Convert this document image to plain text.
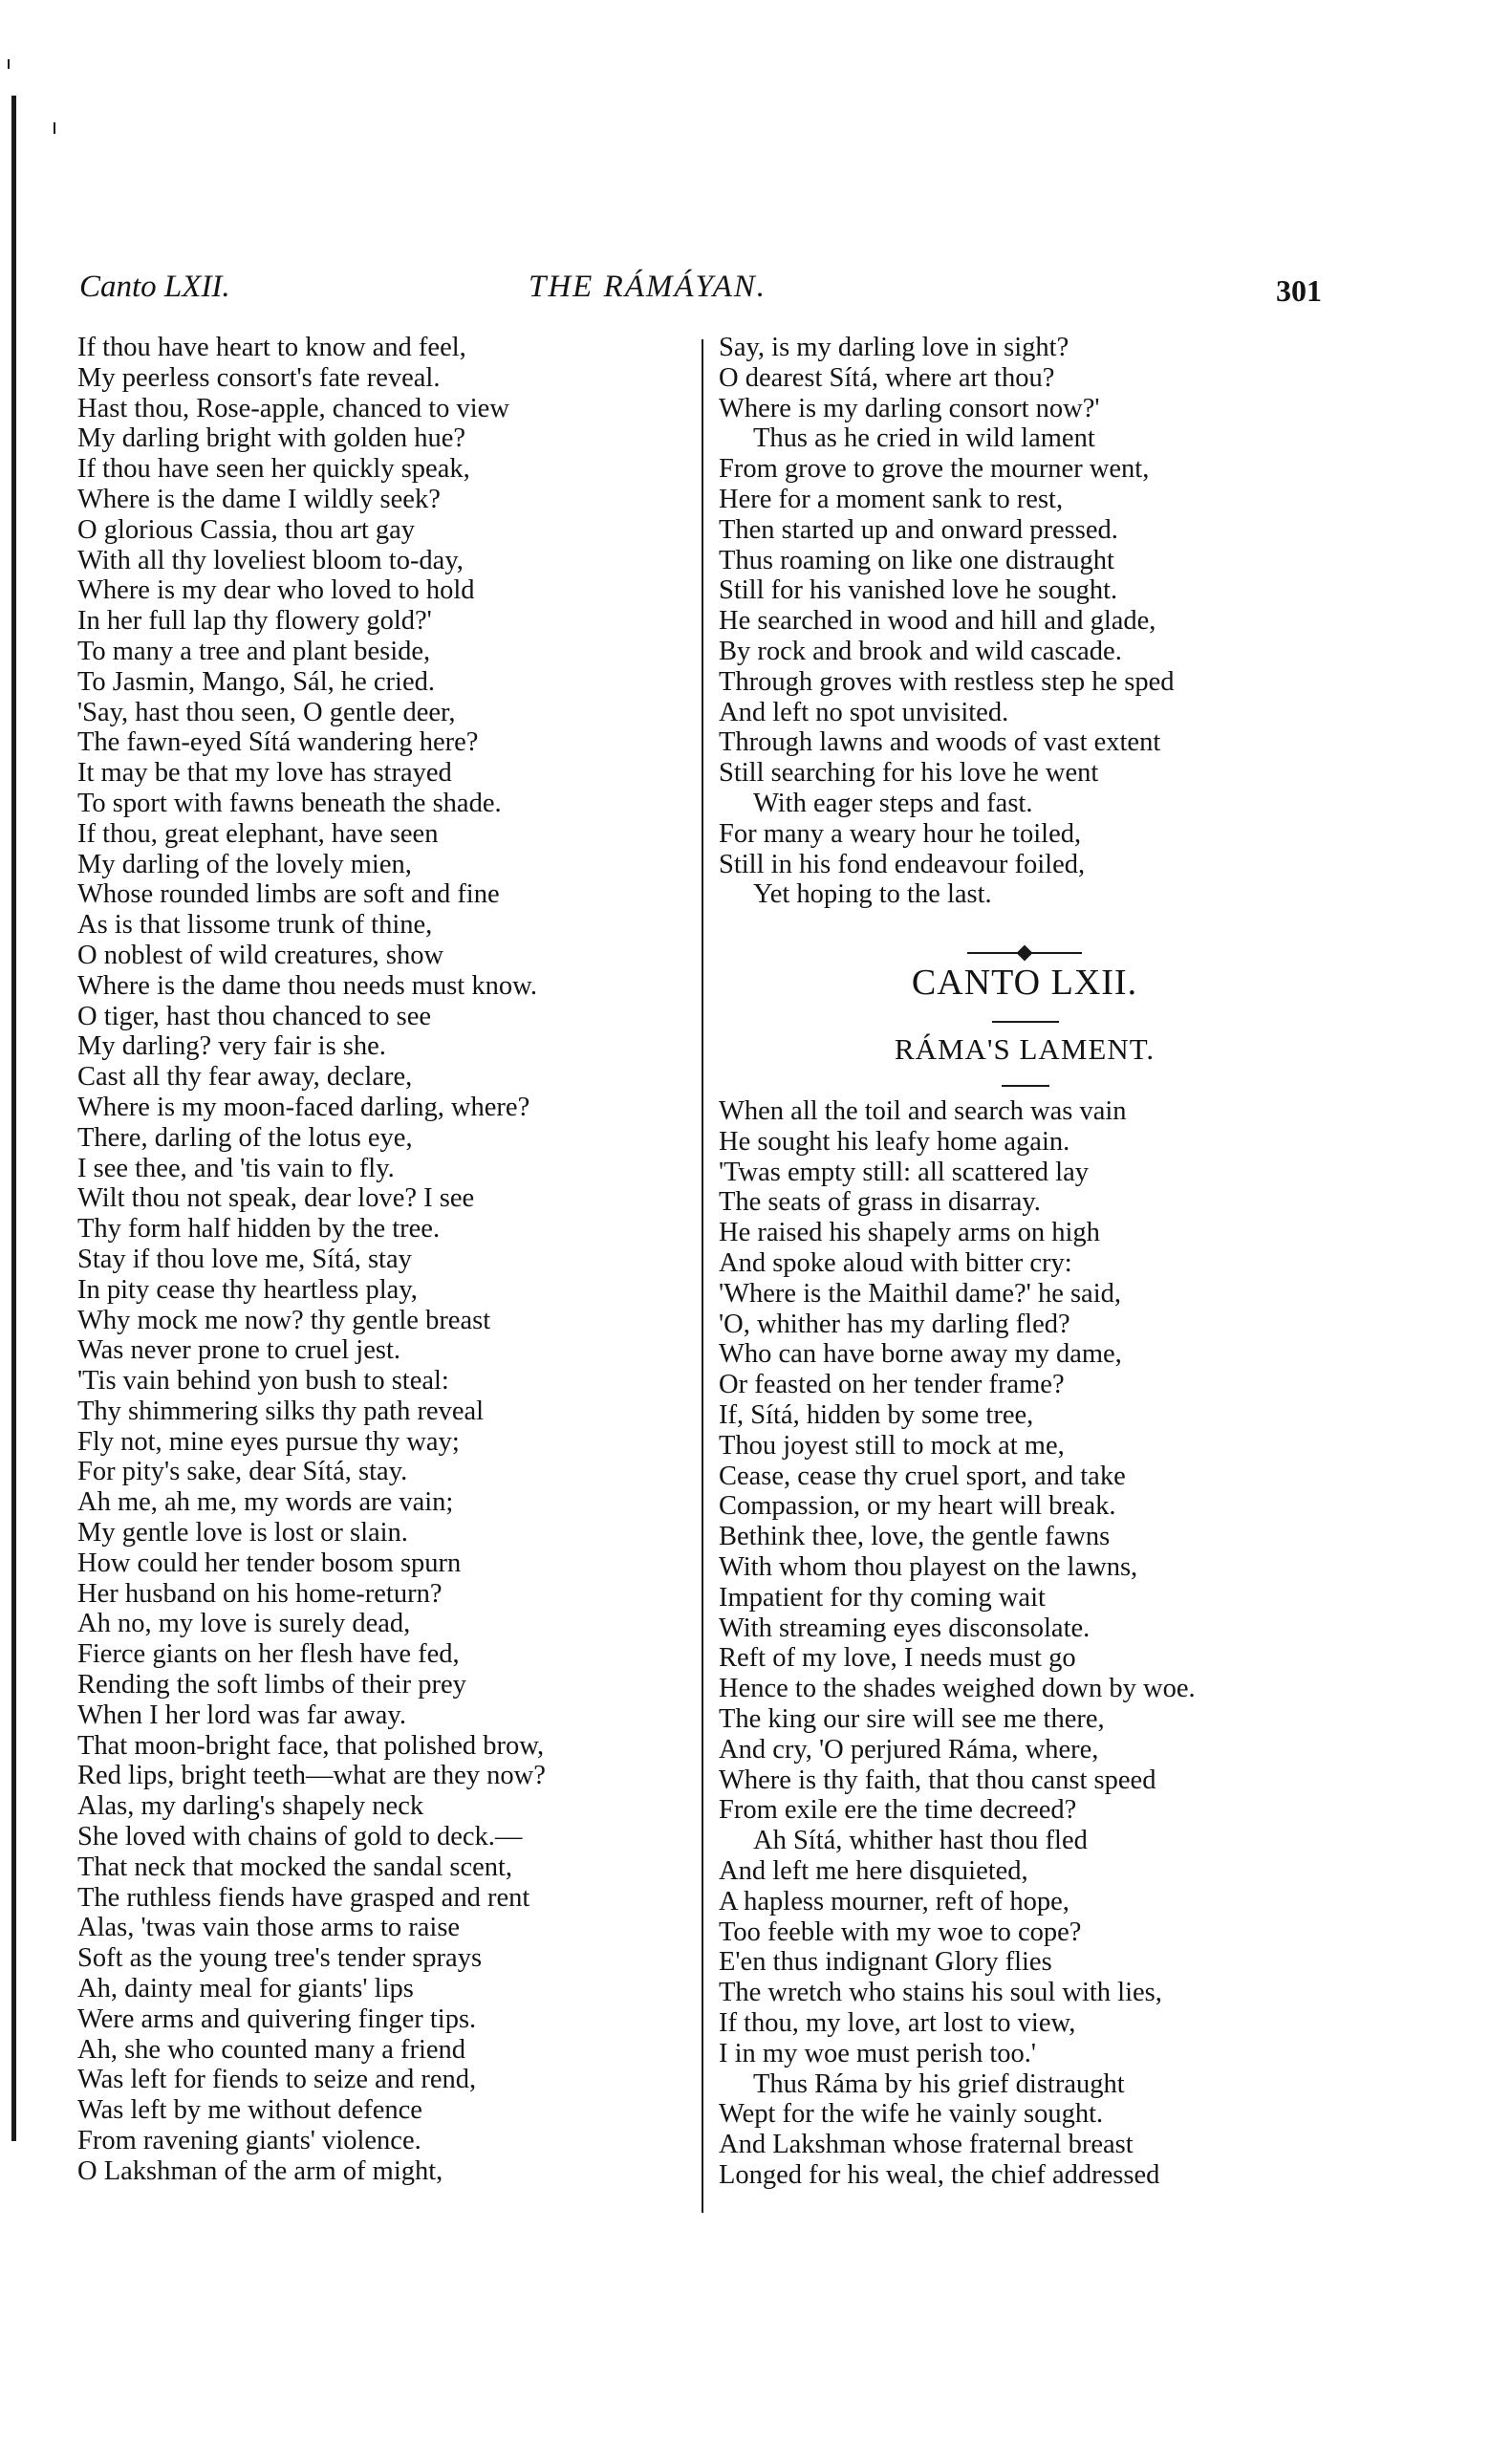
Canto LXII.	THE RÁMÁYAN.	301
If thou have heart to know and feel,
My peerless consort's fate reveal.
Hast thou, Rose-apple, chanced to view
My darling bright with golden hue?
If thou have seen her quickly speak,
Where is the dame I wildly seek?
O glorious Cassia, thou art gay
With all thy loveliest bloom to-day,
Where is my dear who loved to hold
In her full lap thy flowery gold?'
To many a tree and plant beside,
To Jasmin, Mango, Sál, he cried.
'Say, hast thou seen, O gentle deer,
The fawn-eyed Sítá wandering here?
It may be that my love has strayed
To sport with fawns beneath the shade.
If thou, great elephant, have seen
My darling of the lovely mien,
Whose rounded limbs are soft and fine
As is that lissome trunk of thine,
O noblest of wild creatures, show
Where is the dame thou needs must know.
O tiger, hast thou chanced to see
My darling? very fair is she.
Cast all thy fear away, declare,
Where is my moon-faced darling, where?
There, darling of the lotus eye,
I see thee, and 'tis vain to fly.
Wilt thou not speak, dear love? I see
Thy form half hidden by the tree.
Stay if thou love me, Sítá, stay
In pity cease thy heartless play,
Why mock me now? thy gentle breast
Was never prone to cruel jest.
'Tis vain behind yon bush to steal:
Thy shimmering silks thy path reveal
Fly not, mine eyes pursue thy way;
For pity's sake, dear Sítá, stay.
Ah me, ah me, my words are vain;
My gentle love is lost or slain.
How could her tender bosom spurn
Her husband on his home-return?
Ah no, my love is surely dead,
Fierce giants on her flesh have fed,
Rending the soft limbs of their prey
When I her lord was far away.
That moon-bright face, that polished brow,
Red lips, bright teeth—what are they now?
Alas, my darling's shapely neck
She loved with chains of gold to deck.—
That neck that mocked the sandal scent,
The ruthless fiends have grasped and rent
Alas, 'twas vain those arms to raise
Soft as the young tree's tender sprays
Ah, dainty meal for giants' lips
Were arms and quivering finger tips.
Ah, she who counted many a friend
Was left for fiends to seize and rend,
Was left by me without defence
From ravening giants' violence.
O Lakshman of the arm of might,
Say, is my darling love in sight?
O dearest Sítá, where art thou?
Where is my darling consort now?'
Thus as he cried in wild lament
From grove to grove the mourner went,
Here for a moment sank to rest,
Then started up and onward pressed.
Thus roaming on like one distraught
Still for his vanished love he sought.
He searched in wood and hill and glade,
By rock and brook and wild cascade.
Through groves with restless step he sped
And left no spot unvisited.
Through lawns and woods of vast extent
Still searching for his love he went
With eager steps and fast.
For many a weary hour he toiled,
Still in his fond endeavour foiled,
Yet hoping to the last.
CANTO LXII.
RÁMA'S LAMENT.
When all the toil and search was vain
He sought his leafy home again.
'Twas empty still: all scattered lay
The seats of grass in disarray.
He raised his shapely arms on high
And spoke aloud with bitter cry:
'Where is the Maithil dame?' he said,
'O, whither has my darling fled?
Who can have borne away my dame,
Or feasted on her tender frame?
If, Sítá, hidden by some tree,
Thou joyest still to mock at me,
Cease, cease thy cruel sport, and take
Compassion, or my heart will break.
Bethink thee, love, the gentle fawns
With whom thou playest on the lawns,
Impatient for thy coming wait
With streaming eyes disconsolate.
Reft of my love, I needs must go
Hence to the shades weighed down by woe.
The king our sire will see me there,
And cry, 'O perjured Ráma, where,
Where is thy faith, that thou canst speed
From exile ere the time decreed?
Ah Sítá, whither hast thou fled
And left me here disquieted,
A hapless mourner, reft of hope,
Too feeble with my woe to cope?
E'en thus indignant Glory flies
The wretch who stains his soul with lies,
If thou, my love, art lost to view,
I in my woe must perish too.'
Thus Ráma by his grief distraught
Wept for the wife he vainly sought.
And Lakshman whose fraternal breast
Longed for his weal, the chief addressed
